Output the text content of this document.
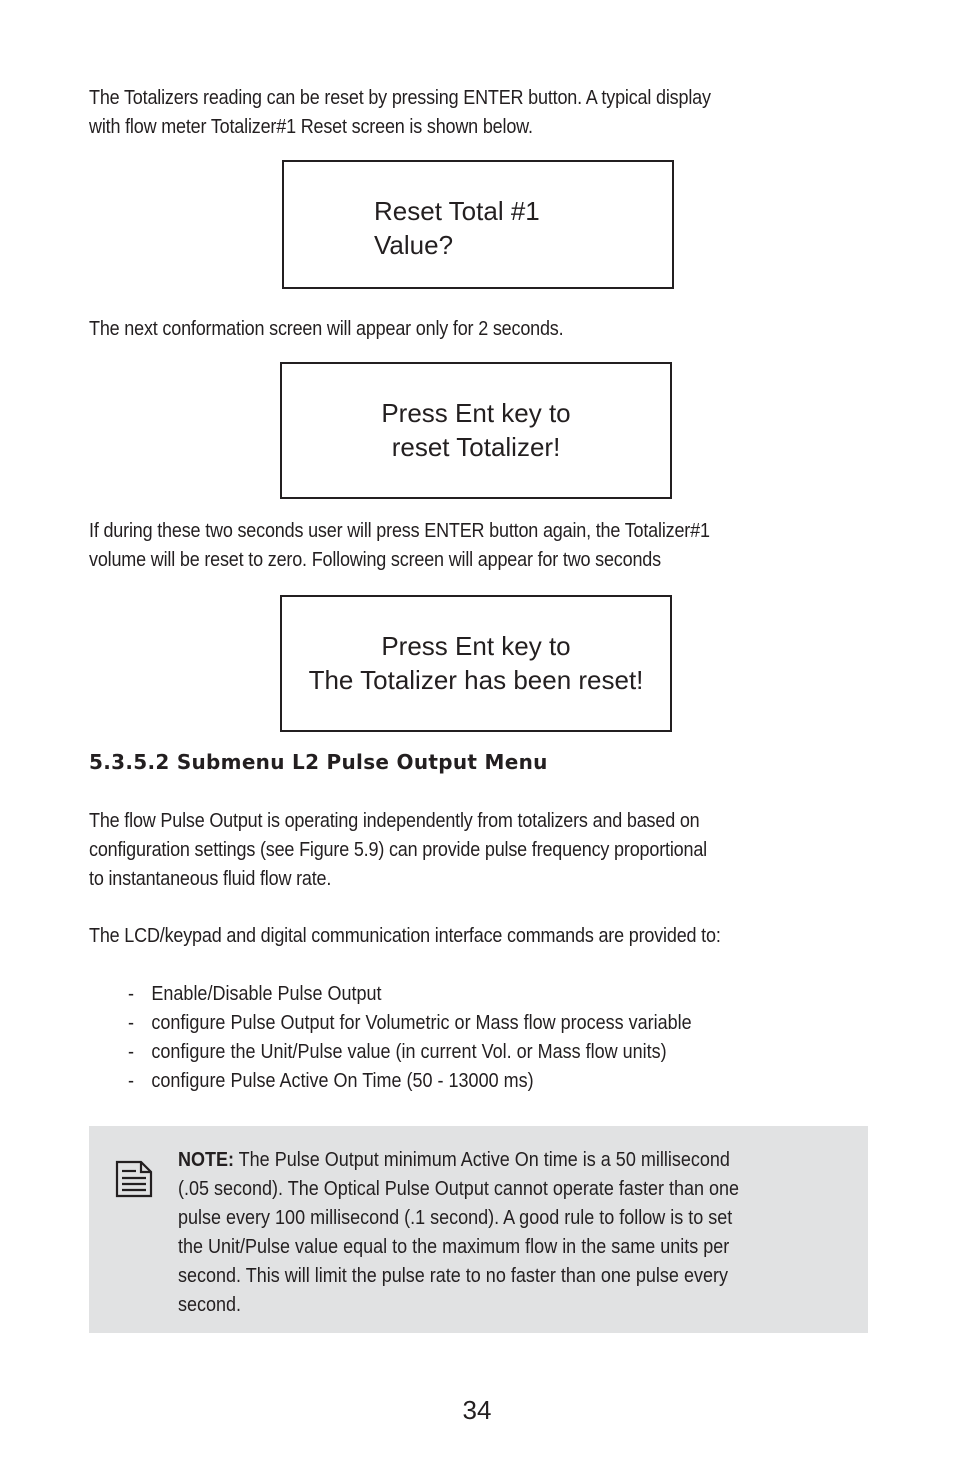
The Totalizers reading can be reset by pressing ENTER button. A typical display
with flow meter Totalizer#1 Reset screen is shown below.
Reset Total #1
Value?
The next conformation screen will appear only for 2 seconds.
Press Ent key to
reset Totalizer!
If during these two seconds user will press ENTER button again, the Totalizer#1
volume will be reset to zero. Following screen will appear for two seconds
Press Ent key to
The Totalizer has been reset!
5.3.5.2 Submenu L2 Pulse Output Menu
The flow Pulse Output is operating independently from totalizers and based on
configuration settings (see Figure 5.9) can provide pulse frequency proportional
to instantaneous fluid flow rate.
The LCD/keypad and digital communication interface commands are provided to:
- Enable/Disable Pulse Output
- configure Pulse Output for Volumetric or Mass flow process variable
- configure the Unit/Pulse value (in current Vol. or Mass flow units)
- configure Pulse Active On Time (50 - 13000 ms)
NOTE: The Pulse Output minimum Active On time is a 50 millisecond
(.05 second). The Optical Pulse Output cannot operate faster than one
pulse every 100 millisecond (.1 second). A good rule to follow is to set
the Unit/Pulse value equal to the maximum flow in the same units per
second. This will limit the pulse rate to no faster than one pulse every
second.
34
